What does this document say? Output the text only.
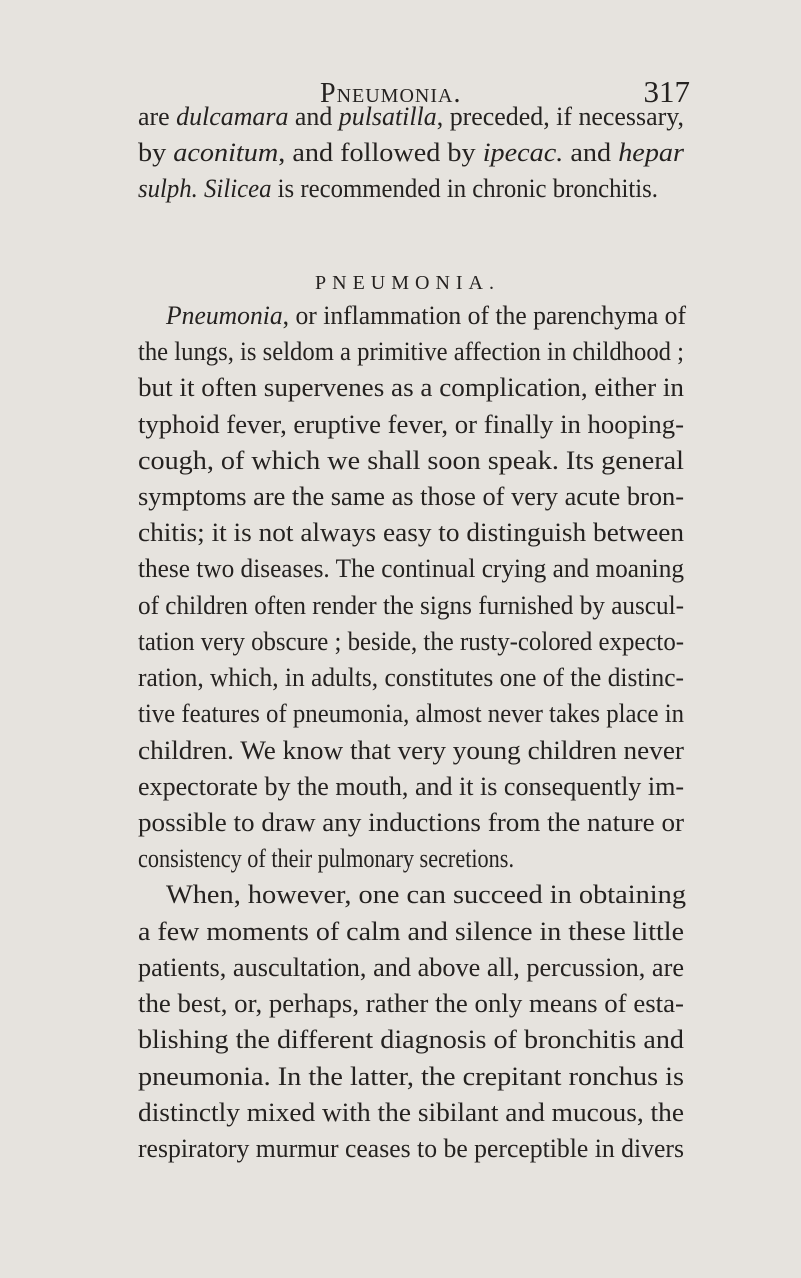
Pneumonia.	317
PNEUMONIA.
are dulcamara and pulsatilla, preceded, if necessary,
by aconitum, and followed by ipecac. and hepar
sulph. Silicea is recommended in chronic bronchitis.
Pneumonia, or inflammation of the parenchyma of
the lungs, is seldom a primitive affection in childhood ;
but it often supervenes as a complication, either in
typhoid fever, eruptive fever, or finally in hooping-
cough, of which we shall soon speak. Its general
symptoms are the same as those of very acute bron-
chitis; it is not always easy to distinguish between
these two diseases. The continual crying and moaning
of children often render the signs furnished by auscul-
tation very obscure ; beside, the rusty-colored expecto-
ration, which, in adults, constitutes one of the distinc-
tive features of pneumonia, almost never takes place in
children. We know that very young children never
expectorate by the mouth, and it is consequently im-
possible to draw any inductions from the nature or
consistency of their pulmonary secretions.
When, however, one can succeed in obtaining
a few moments of calm and silence in these little
patients, auscultation, and above all, percussion, are
the best, or, perhaps, rather the only means of esta-
blishing the different diagnosis of bronchitis and
pneumonia. In the latter, the crepitant ronchus is
distinctly mixed with the sibilant and mucous, the
respiratory murmur ceases to be perceptible in divers
